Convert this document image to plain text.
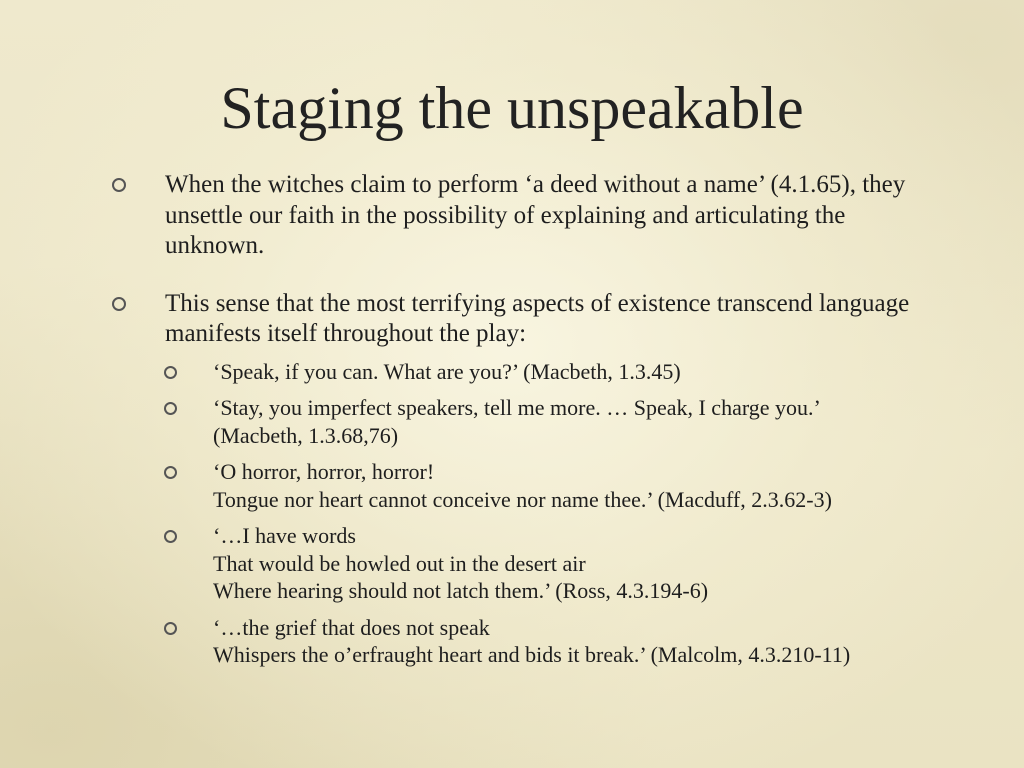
Staging the unspeakable
When the witches claim to perform ‘a deed without a name’ (4.1.65), they unsettle our faith in the possibility of explaining and articulating the unknown.
This sense that the most terrifying aspects of existence transcend language manifests itself throughout the play:
‘Speak, if you can. What are you?’ (Macbeth, 1.3.45)
‘Stay, you imperfect speakers, tell me more. … Speak, I charge you.’ (Macbeth, 1.3.68,76)
‘O horror, horror, horror!
Tongue nor heart cannot conceive nor name thee.’ (Macduff, 2.3.62-3)
‘…I have words
That would be howled out in the desert air
Where hearing should not latch them.’ (Ross, 4.3.194-6)
‘…the grief that does not speak
Whispers the o’erfraught heart and bids it break.’ (Malcolm, 4.3.210-11)
